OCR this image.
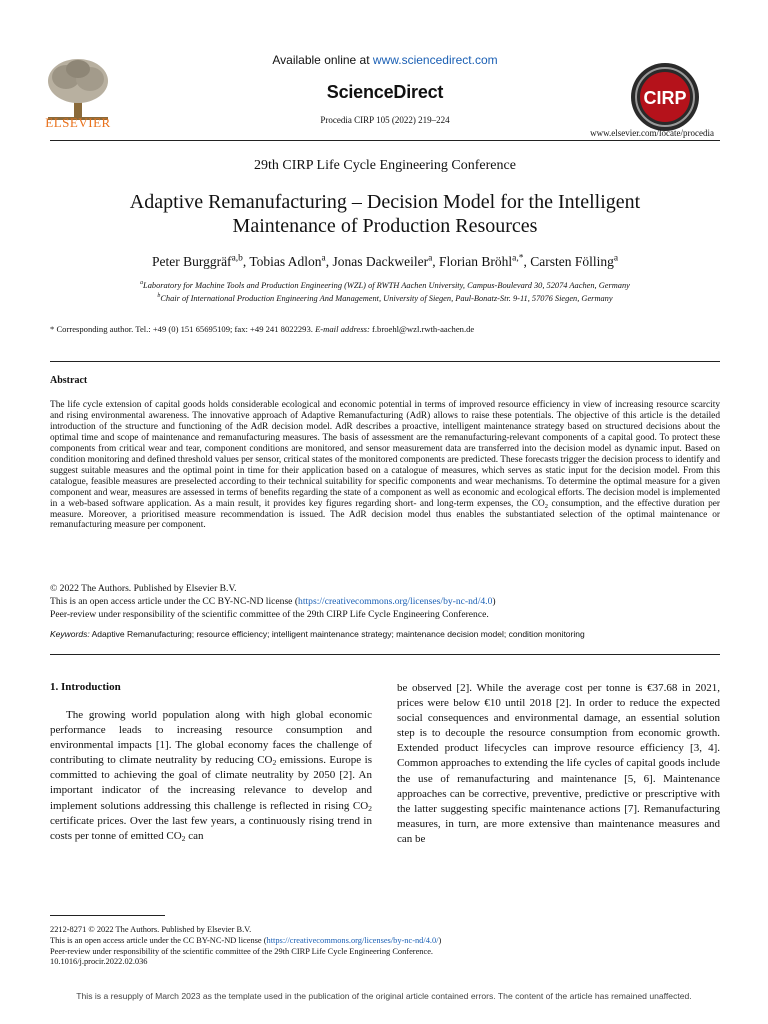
ELSEVIER
Available online at www.sciencedirect.com
ScienceDirect
Procedia CIRP 105 (2022) 219–224
CIRP
www.elsevier.com/locate/procedia
29th CIRP Life Cycle Engineering Conference
Adaptive Remanufacturing – Decision Model for the Intelligent
Maintenance of Production Resources
Peter Burggräf$^{a,b}$, Tobias Adlon$^a$, Jonas Dackweiler$^a$, Florian Bröhl$^{a,*}$, Carsten Fölling$^a$
$^a$Laboratory for Machine Tools and Production Engineering (WZL) of RWTH Aachen University, Campus-Boulevard 30, 52074 Aachen, Germany
$^b$Chair of International Production Engineering And Management, University of Siegen, Paul-Bonatz-Str. 9-11, 57076 Siegen, Germany
* Corresponding author. Tel.: +49 (0) 151 65695109; fax: +49 241 8022293. E-mail address: f.broehl@wzl.rwth-aachen.de
Abstract

The life cycle extension of capital goods holds considerable ecological and economic potential in terms of improved resource efficiency in view of increasing resource scarcity and rising environmental awareness. The innovative approach of Adaptive Remanufacturing (AdR) allows to raise these potentials. The objective of this article is the detailed introduction of the structure and functioning of the AdR decision model. AdR describes a proactive, intelligent maintenance strategy based on structured decisions about the optimal time and scope of maintenance and remanufacturing measures. The basis of assessment are the remanufacturing-relevant components of a capital good. To protect these components from critical wear and tear, component conditions are monitored, and sensor measurement data are transferred into the decision model as dynamic input. Based on condition monitoring and defined threshold values per sensor, critical states of the monitored components are predicted. These forecasts trigger the decision process to identify and suggest suitable measures and the optimal point in time for their application based on a catalogue of measures, which serves as static input for the decision model. From this catalogue, feasible measures are preselected according to their technical suitability for specific components and wear mechanisms. To determine the optimal measure for a given component and wear, measures are assessed in terms of benefits regarding the state of a component as well as economic and ecological efforts. The decision model is implemented in a web-based software application. As a main result, it provides key figures regarding short- and long-term expenses, the $CO_2$ consumption, and the effective duration per measure. Moreover, a prioritised measure recommendation is issued. The AdR decision model thus enables the substantiated selection of the optimal maintenance or remanufacturing measure per component.

© 2022 The Authors. Published by Elsevier B.V.
This is an open access article under the CC BY-NC-ND license (https://creativecommons.org/licenses/by-nc-nd/4.0)
Peer-review under responsibility of the scientific committee of the 29th CIRP Life Cycle Engineering Conference.
Keywords: Adaptive Remanufacturing; resource efficiency; intelligent maintenance strategy; maintenance decision model; condition monitoring
1. Introduction

The growing world population along with high global economic performance leads to increasing resource consumption and environmental impacts [1]. The global economy faces the challenge of contributing to climate neutrality by reducing $CO_2$ emissions. Europe is committed to achieving the goal of climate neutrality by 2050 [2]. An important indicator of the increasing relevance to develop and implement solutions addressing this challenge is reflected in rising $CO_2$ certificate prices. Over the last few years, a continuously rising trend in costs per tonne of emitted $CO_2$ can

be observed [2]. While the average cost per tonne is €37.68 in 2021, prices were below €10 until 2018 [2]. In order to reduce the expected social consequences and environmental damage, an essential solution step is to decouple the resource consumption from economic growth. Extended product lifecycles can improve resource efficiency [3, 4]. Common approaches to extending the life cycles of capital goods include the use of remanufacturing and maintenance [5, 6]. Maintenance approaches can be corrective, preventive, predictive or prescriptive with the latter suggesting specific maintenance actions [7]. Remanufacturing measures, in turn, are more extensive than maintenance measures and can be

2212-8271 © 2022 The Authors. Published by Elsevier B.V.
This is an open access article under the CC BY-NC-ND license (https://creativecommons.org/licenses/by-nc-nd/4.0/)
Peer-review under responsibility of the scientific committee of the 29th CIRP Life Cycle Engineering Conference.
10.1016/j.procir.2022.02.036
This is a resupply of March 2023 as the template used in the publication of the original article contained errors. The content of the article has remained unaffected.
